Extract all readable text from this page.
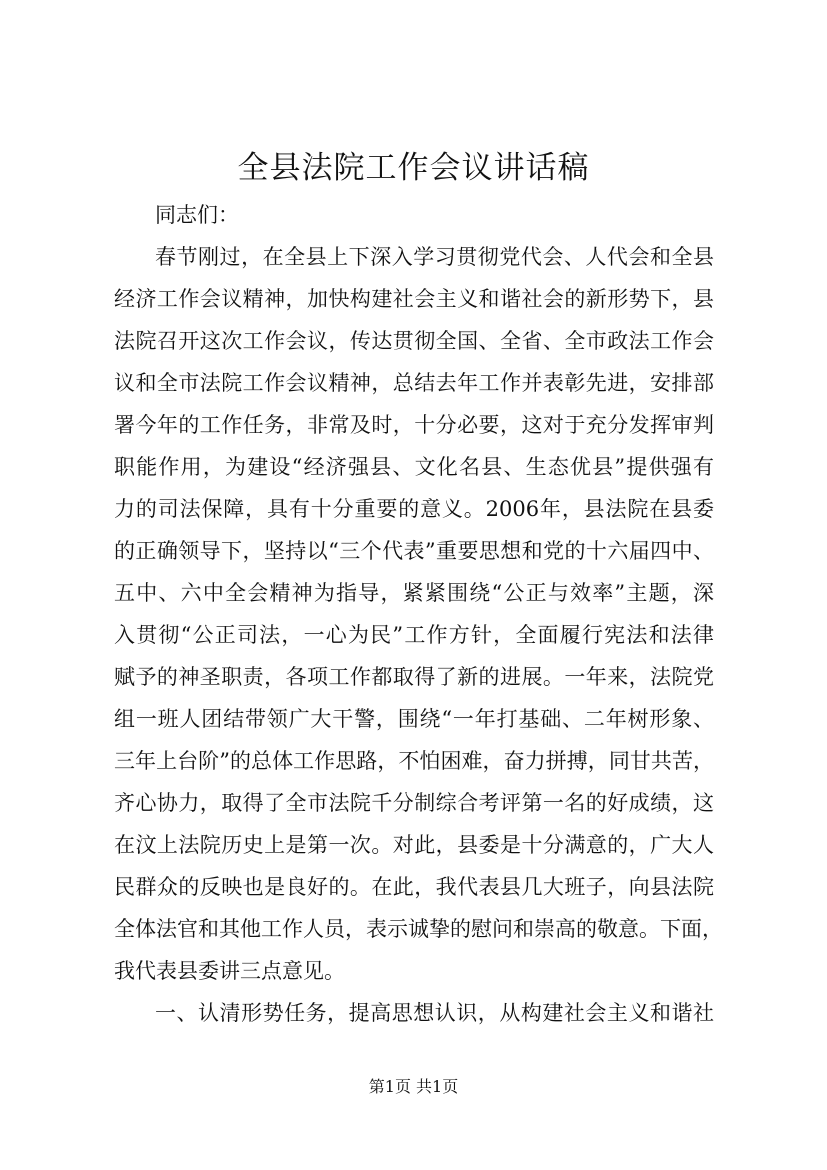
全县法院工作会议讲话稿
同志们：
春节刚过，在全县上下深入学习贯彻党代会、人代会和全县
经济工作会议精神，加快构建社会主义和谐社会的新形势下，县
法院召开这次工作会议，传达贯彻全国、全省、全市政法工作会
议和全市法院工作会议精神，总结去年工作并表彰先进，安排部
署今年的工作任务，非常及时，十分必要，这对于充分发挥审判
职能作用，为建设“经济强县、文化名县、生态优县”提供强有
力的司法保障，具有十分重要的意义。2006年，县法院在县委
的正确领导下，坚持以“三个代表”重要思想和党的十六届四中、
五中、六中全会精神为指导，紧紧围绕“公正与效率”主题，深
入贯彻“公正司法，一心为民”工作方针，全面履行宪法和法律
赋予的神圣职责，各项工作都取得了新的进展。一年来，法院党
组一班人团结带领广大干警，围绕“一年打基础、二年树形象、
三年上台阶”的总体工作思路，不怕困难，奋力拼搏，同甘共苦，
齐心协力，取得了全市法院千分制综合考评第一名的好成绩，这
在汶上法院历史上是第一次。对此，县委是十分满意的，广大人
民群众的反映也是良好的。在此，我代表县几大班子，向县法院
全体法官和其他工作人员，表示诚挚的慰问和崇高的敬意。下面，
我代表县委讲三点意见。
一、认清形势任务，提高思想认识，从构建社会主义和谐社
第1页 共1页
